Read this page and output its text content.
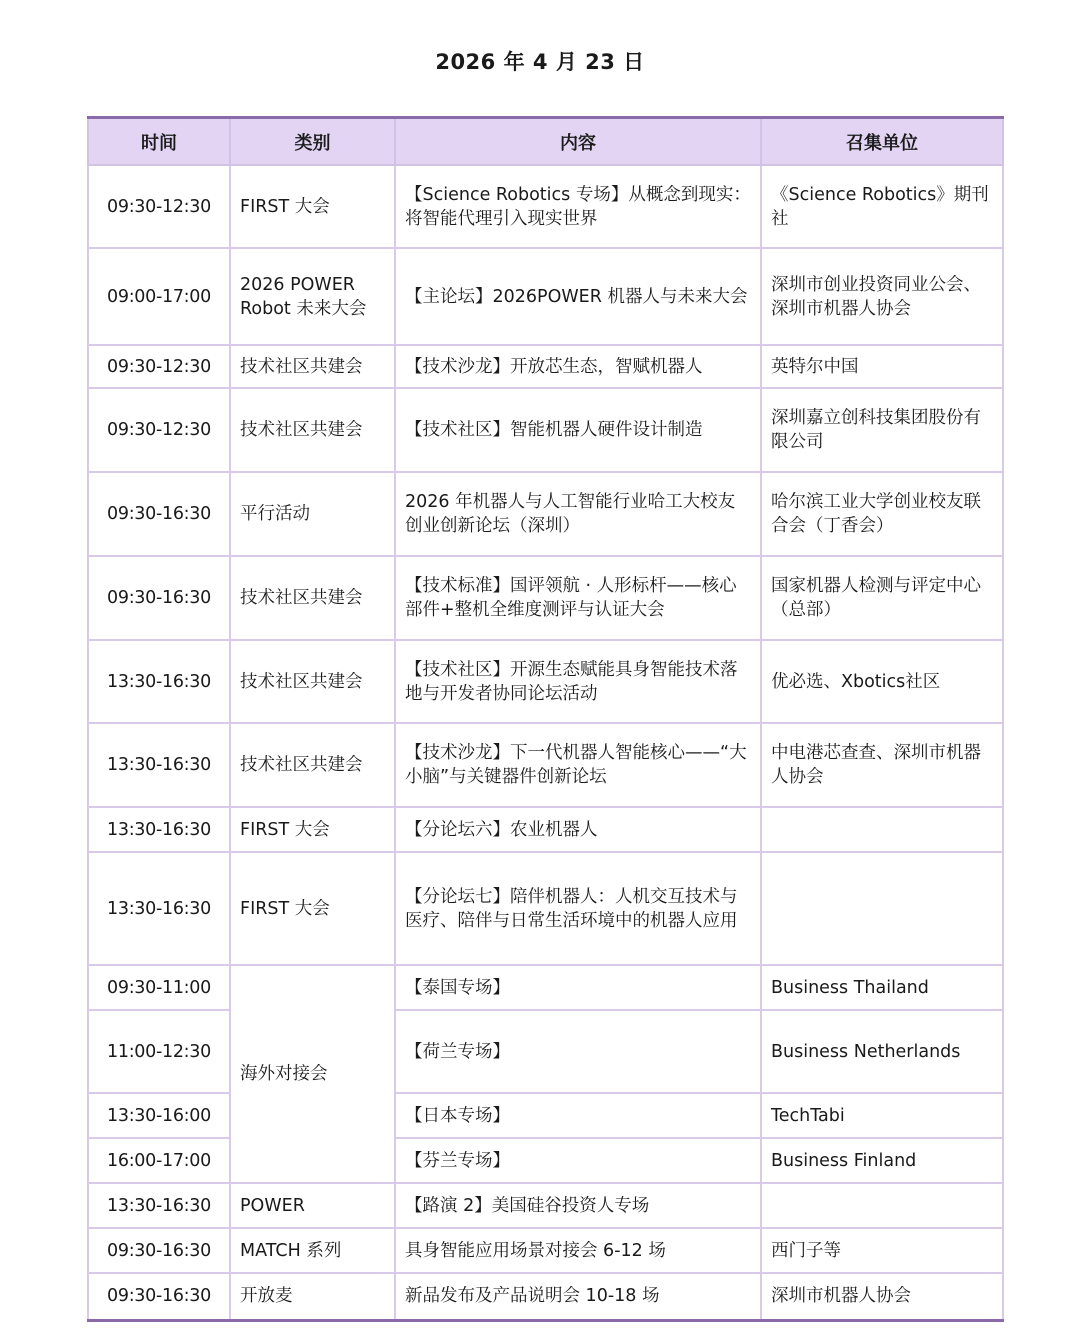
2026 年 4 月 23 日
时间	类别	内容	召集单位
09:30-12:30	FIRST 大会	【Science Robotics 专场】从概念到现实：将智能代理引入现实世界	《Science Robotics》期刊社
09:00-17:00	2026 POWER Robot 未来大会	【主论坛】2026POWER 机器人与未来大会	深圳市创业投资同业公会、深圳市机器人协会
09:30-12:30	技术社区共建会	【技术沙龙】开放芯生态，智赋机器人	英特尔中国
09:30-12:30	技术社区共建会	【技术社区】智能机器人硬件设计制造	深圳嘉立创科技集团股份有限公司
09:30-16:30	平行活动	2026 年机器人与人工智能行业哈工大校友创业创新论坛（深圳）	哈尔滨工业大学创业校友联合会（丁香会）
09:30-16:30	技术社区共建会	【技术标准】国评领航 · 人形标杆——核心部件+整机全维度测评与认证大会	国家机器人检测与评定中心（总部）
13:30-16:30	技术社区共建会	【技术社区】开源生态赋能具身智能技术落地与开发者协同论坛活动	优必选、Xbotics社区
13:30-16:30	技术社区共建会	【技术沙龙】下一代机器人智能核心——“大小脑”与关键器件创新论坛	中电港芯查查、深圳市机器人协会
13:30-16:30	FIRST 大会	【分论坛六】农业机器人	
13:30-16:30	FIRST 大会	【分论坛七】陪伴机器人：人机交互技术与医疗、陪伴与日常生活环境中的机器人应用	
09:30-11:00	海外对接会	【泰国专场】	Business Thailand
11:00-12:30		【荷兰专场】	Business Netherlands
13:30-16:00		【日本专场】	TechTabi
16:00-17:00		【芬兰专场】	Business Finland
13:30-16:30	POWER	【路演 2】美国硅谷投资人专场	
09:30-16:30	MATCH 系列	具身智能应用场景对接会 6-12 场	西门子等
09:30-16:30	开放麦	新品发布及产品说明会 10-18 场	深圳市机器人协会
